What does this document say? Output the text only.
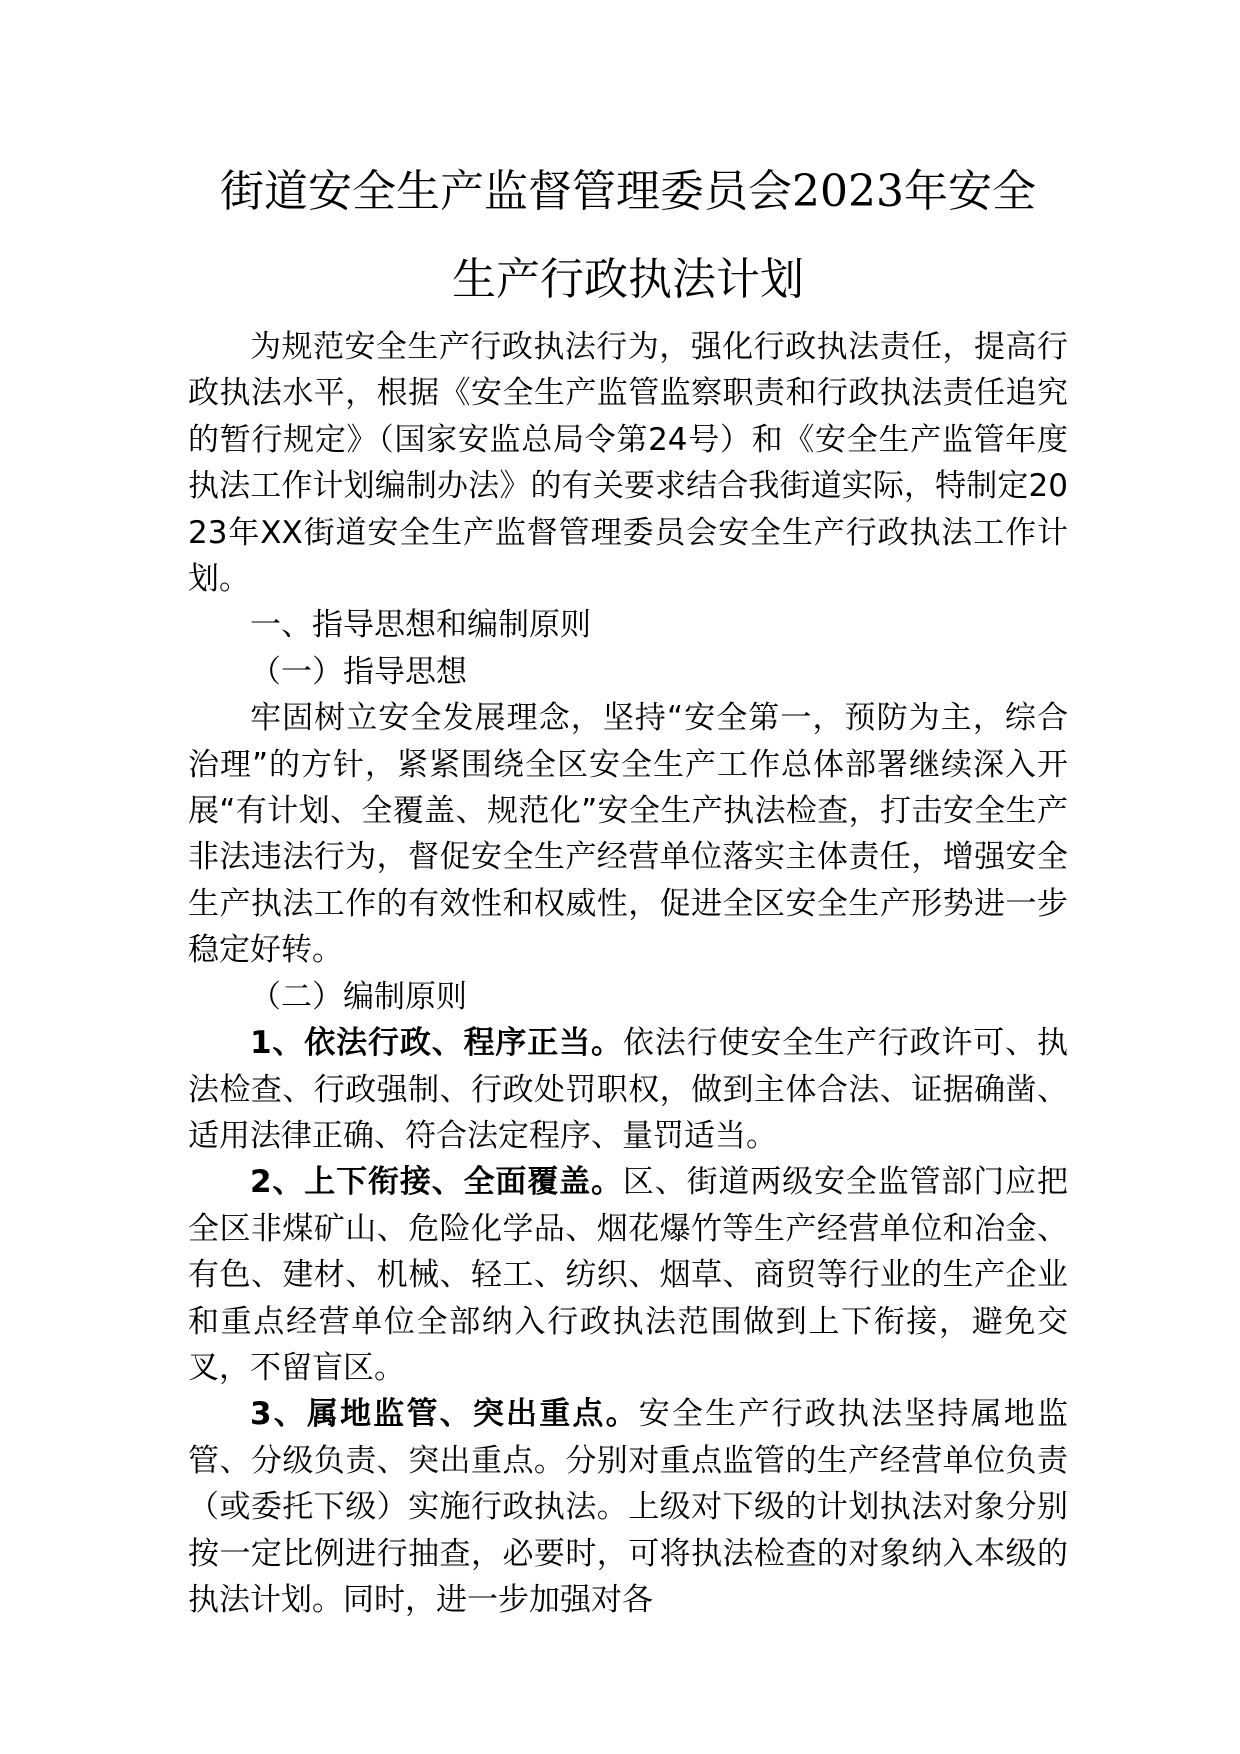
街道安全生产监督管理委员会2023年安全
生产行政执法计划

为规范安全生产行政执法行为，强化行政执法责任，提高行政执法水平，根据《安全生产监管监察职责和行政执法责任追究的暂行规定》（国家安监总局令第24号）和《安全生产监管年度执法工作计划编制办法》的有关要求结合我街道实际，特制定2023年XX街道安全生产监督管理委员会安全生产行政执法工作计划。

一、指导思想和编制原则

（一）指导思想

牢固树立安全发展理念，坚持“安全第一，预防为主，综合治理”的方针，紧紧围绕全区安全生产工作总体部署继续深入开展“有计划、全覆盖、规范化”安全生产执法检查，打击安全生产非法违法行为，督促安全生产经营单位落实主体责任，增强安全生产执法工作的有效性和权威性，促进全区安全生产形势进一步稳定好转。

（二）编制原则

1、依法行政、程序正当。依法行使安全生产行政许可、执法检查、行政强制、行政处罚职权，做到主体合法、证据确凿、适用法律正确、符合法定程序、量罚适当。

2、上下衔接、全面覆盖。区、街道两级安全监管部门应把全区非煤矿山、危险化学品、烟花爆竹等生产经营单位和冶金、有色、建材、机械、轻工、纺织、烟草、商贸等行业的生产企业和重点经营单位全部纳入行政执法范围做到上下衔接，避免交叉，不留盲区。

3、属地监管、突出重点。安全生产行政执法坚持属地监管、分级负责、突出重点。分别对重点监管的生产经营单位负责（或委托下级）实施行政执法。上级对下级的计划执法对象分别按一定比例进行抽查，必要时，可将执法检查的对象纳入本级的执法计划。同时，进一步加强对各
